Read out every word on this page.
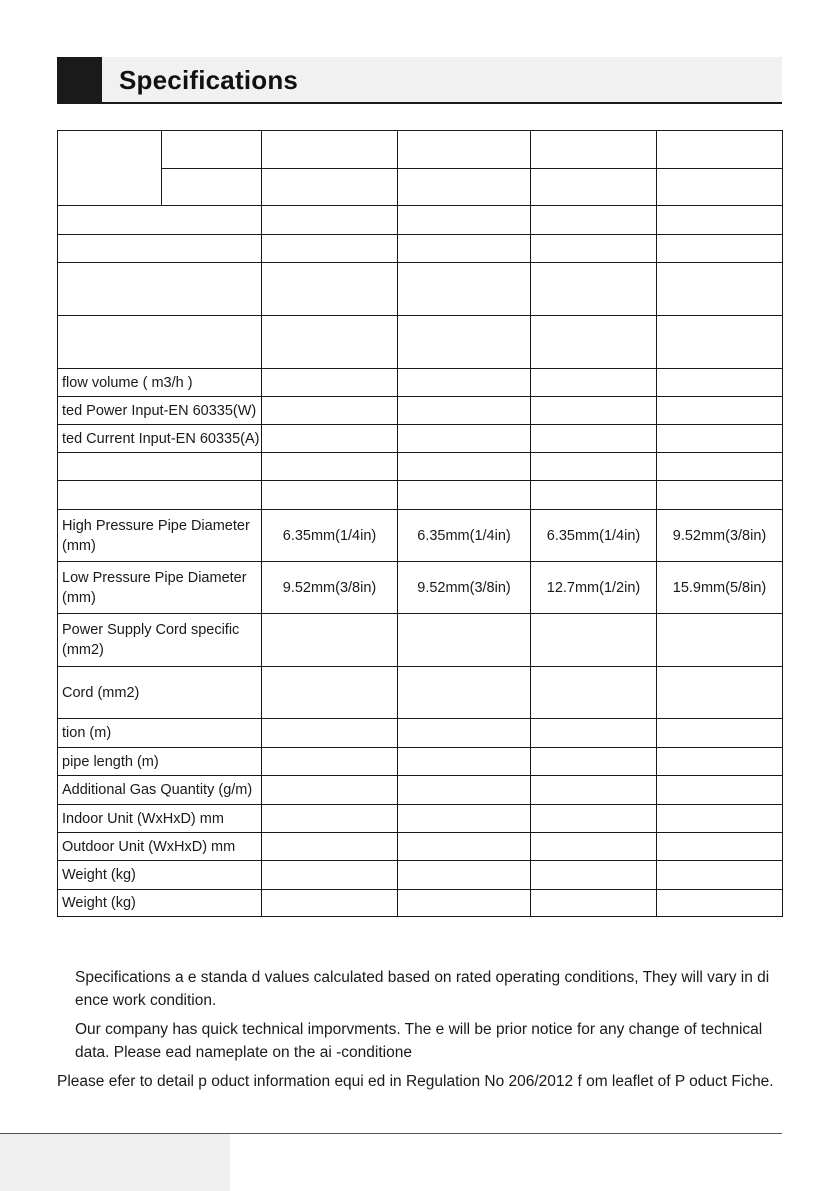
Specifications

flow volume ( m3/h )					
ted Power Input-EN 60335(W)					
ted Current Input-EN 60335(A)					

High Pressure Pipe Diameter (mm)		6.35mm(1/4in)	6.35mm(1/4in)	6.35mm(1/4in)	9.52mm(3/8in)
Low Pressure Pipe Diameter (mm)		9.52mm(3/8in)	9.52mm(3/8in)	12.7mm(1/2in)	15.9mm(5/8in)
Power Supply Cord specific (mm2)					
Cord (mm2)					
tion (m)					
pipe length (m)					
Additional Gas Quantity (g/m)					
Indoor Unit (WxHxD) mm					
Outdoor Unit (WxHxD) mm					
Weight (kg)					
Weight (kg)					

Specifications a e standa d values calculated based on rated operating conditions, They will vary in di ence work condition.

Our company has quick technical imporvments. The e will be prior notice for any change of technical data. Please ead nameplate on the ai -conditione

Please efer to detail p oduct information equi ed in Regulation No 206/2012 f om leaflet of P oduct Fiche.
